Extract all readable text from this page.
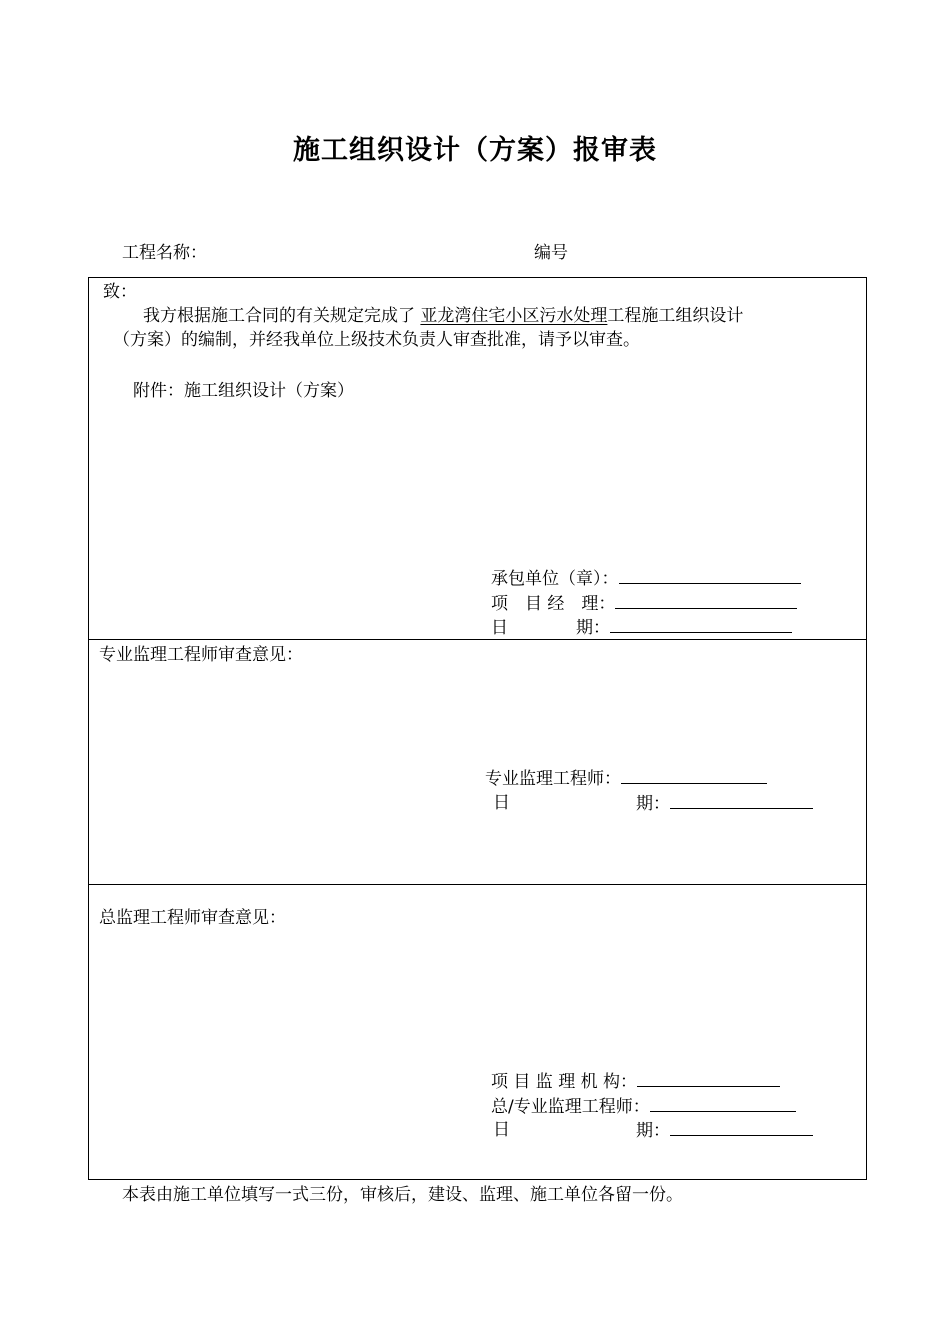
施工组织设计（方案）报审表
工程名称：	编号
致：
我方根据施工合同的有关规定完成了 亚龙湾住宅小区污水处理工程施工组织设计
（方案）的编制，并经我单位上级技术负责人审查批准，请予以审查。
附件：施工组织设计（方案）
承包单位（章）：
项　目 经　理：
日　　　　期：
专业监理工程师审查意见：
专业监理工程师：
日	期：
总监理工程师审查意见：
项 目 监 理 机 构：
总/专业监理工程师：
日	期：
本表由施工单位填写一式三份，审核后，建设、监理、施工单位各留一份。
